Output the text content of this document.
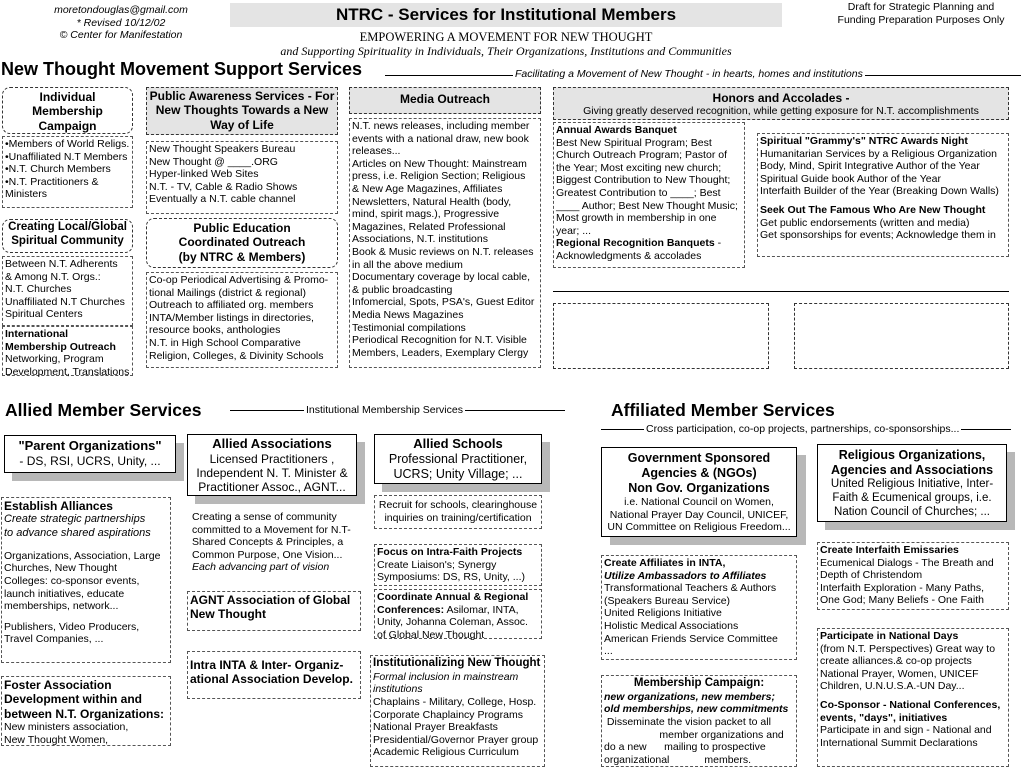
moretondouglas@gmail.com
* Revised 10/12/02
© Center for Manifestation
NTRC - Services for Institutional Members
EMPOWERING A MOVEMENT FOR NEW THOUGHT
and Supporting Spirituality in Individuals, Their Organizations, Institutions and Communities
Draft for Strategic Planning and
Funding Preparation Purposes Only
New Thought Movement Support Services	Facilitating a Movement of New Thought - in hearts, homes and institutions
Individual Membership Campaign
•Members of World Religs.
•Unaffiliated N.T Members
•N.T. Church Members
•N.T. Practitioners &
Ministers
Creating Local/Global Spiritual Community
Between N.T. Adherents
& Among N.T. Orgs.:
N.T. Churches
Unaffiliated N.T Churches
Spiritual Centers
International Membership Outreach
Networking, Program Development, Translations
Public Awareness Services - For New Thoughts Towards a New Way of Life
New Thought Speakers Bureau
New Thought @ ____.ORG
Hyper-linked Web Sites
N.T. - TV, Cable & Radio Shows
Eventually a N.T. cable channel
Public Education Coordinated Outreach (by NTRC & Members)
Co-op Periodical Advertising & Promo-
tional Mailings (district & regional)
Outreach to affiliated org. members
INTA/Member listings in directories,
resource books, anthologies
N.T. in High School Comparative
Religion, Colleges, & Divinity Schools
Media Outreach
N.T. news releases, including member
events with a national draw, new book
releases...
Articles on New Thought: Mainstream
press, i.e. Religion Section; Religious
& New Age Magazines, Affiliates
Newsletters, Natural Health (body,
mind, spirit mags.), Progressive
Magazines, Related Professional
Associations, N.T. institutions
Book & Music reviews on N.T. releases
in all the above medium
Documentary coverage by local cable,
& public broadcasting
Infomercial, Spots, PSA's, Guest Editor
Media News Magazines
Testimonial compilations
Periodical Recognition for N.T. Visible
Members, Leaders, Exemplary Clergy
Honors and Accolades -
Giving greatly deserved recognition, while getting exposure for N.T. accomplishments
Annual Awards Banquet
Best New Spiritual Program; Best
Church Outreach Program; Pastor of
the Year; Most exciting new church;
Biggest Contribution to New Thought;
Greatest Contribution to ____; Best
____ Author; Best New Thought Music;
Most growth in membership in one
year; ...
Regional Recognition Banquets -
Acknowledgments & accolades
Spiritual "Grammy's" NTRC Awards Night
Humanitarian Services by a Religious Organization
Body, Mind, Spirit Integrative Author of the Year
Spiritual Guide book Author of the Year
Interfaith Builder of the Year (Breaking Down Walls)
Seek Out The Famous Who Are New Thought
Get public endorsements (written and media)
Get sponsorships for events; Acknowledge them in
Allied Member Services	Institutional Membership Services
"Parent Organizations"
- DS, RSI, UCRS, Unity, ...
Allied Associations
Licensed Practitioners ,
Independent N. T. Minister &
Practitioner Assoc., AGNT...
Allied Schools
Professional Practitioner,
UCRS; Unity Village; ...
Establish Alliances
Create strategic partnerships
to advance shared aspirations
Organizations, Association, Large
Churches, New Thought
Colleges: co-sponsor events,
launch initiatives, educate
memberships, network...
Publishers, Video Producers,
Travel Companies, ...
Foster Association Development within and between N.T. Organizations:
New ministers association,
New Thought Women,
Creating a sense of community
committed to a Movement for N.T-
Shared Concepts & Principles, a
Common Purpose, One Vision...
Each advancing part of vision
AGNT Association of Global New Thought
Intra INTA & Inter- Organiz-ational Association Develop.
Recruit for schools, clearinghouse
inquiries on training/certification
Focus on Intra-Faith Projects
Create Liaison's; Synergy
Symposiums: DS, RS, Unity, ...)
Coordinate Annual & Regional Conferences: Asilomar, INTA,
Unity, Johanna Coleman, Assoc.
of Global New Thought
Institutionalizing New Thought Formal inclusion in mainstream institutions
Chaplains - Military, College, Hosp.
Corporate Chaplaincy Programs
National Prayer Breakfasts
Presidential/Governor Prayer group
Academic Religious Curriculum
Affiliated Member Services
Cross participation, co-op projects, partnerships, co-sponsorships...
Government Sponsored
Agencies & (NGOs)
Non Gov. Organizations
i.e. National Council on Women,
National Prayer Day Council, UNICEF,
UN Committee on Religious Freedom...
Religious Organizations,
Agencies and Associations
United Religious Initiative, Inter-
Faith & Ecumenical groups, i.e.
Nation Council of Churches; ...
Create Affiliates in INTA,
Utilize Ambassadors to Affiliates
Transformational Teachers & Authors
(Speakers Bureau Service)
United Religions Initiative
Holistic Medical Associations
American Friends Service Committee
...
Membership Campaign:
new organizations, new members;
old memberships, new commitments
Disseminate the vision packet to all
member organizations and
do a new      mailing to prospective
organizational            members.
Create Interfaith Emissaries
Ecumenical Dialogs - The Breath and
Depth of Christendom
Interfaith Exploration - Many Paths,
One God; Many Beliefs - One Faith
Participate in National Days
(from N.T. Perspectives) Great way to
create alliances.& co-op projects
National Prayer, Women, UNICEF
Children, U.N.U.S.A.-UN Day...
Co-Sponsor - National Conferences, events, "days", initiatives
Participate in and sign - National and
International Summit Declarations
